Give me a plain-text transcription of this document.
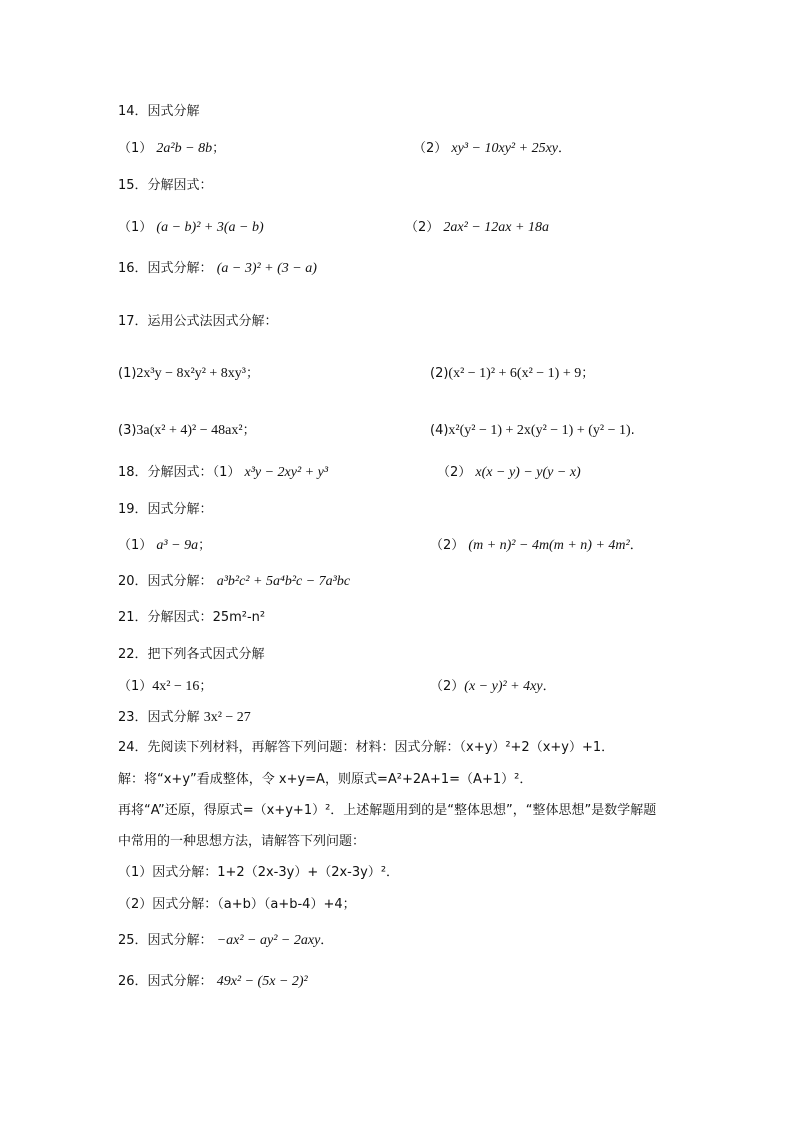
14．因式分解
（1） 2a²b − 8b；	（2） xy³ − 10xy² + 25xy．
15．分解因式：
（1） (a − b)² + 3(a − b)	（2） 2ax² − 12ax + 18a
16．因式分解： (a − 3)² + (3 − a)
17．运用公式法因式分解：
(1)2x³y − 8x²y² + 8xy³；	(2)(x² − 1)² + 6(x² − 1) + 9；
(3)3a(x² + 4)² − 48ax²；	(4)x²(y² − 1) + 2x(y² − 1) + (y² − 1).
18．分解因式：（1） x³y − 2xy² + y³	（2） x(x − y) − y(y − x)
19．因式分解：
（1） a³ − 9a；	（2） (m + n)² − 4m(m + n) + 4m²．
20．因式分解： a³b²c² + 5a⁴b²c − 7a³bc
21．分解因式：25m²-n²
22．把下列各式因式分解
（1）4x² − 16；	（2）(x − y)² + 4xy．
23．因式分解 3x² − 27
24．先阅读下列材料，再解答下列问题：材料：因式分解：（x+y）²+2（x+y）+1．
解：将“x+y”看成整体，令 x+y=A，则原式=A²+2A+1=（A+1）²．
再将“A”还原，得原式=（x+y+1）²．上述解题用到的是“整体思想”，“整体思想”是数学解题
中常用的一种思想方法，请解答下列问题：
（1）因式分解：1+2（2x-3y）+（2x-3y）²．
（2）因式分解：（a+b）（a+b-4）+4；
25．因式分解： −ax² − ay² − 2axy．
26．因式分解： 49x² − (5x − 2)²
